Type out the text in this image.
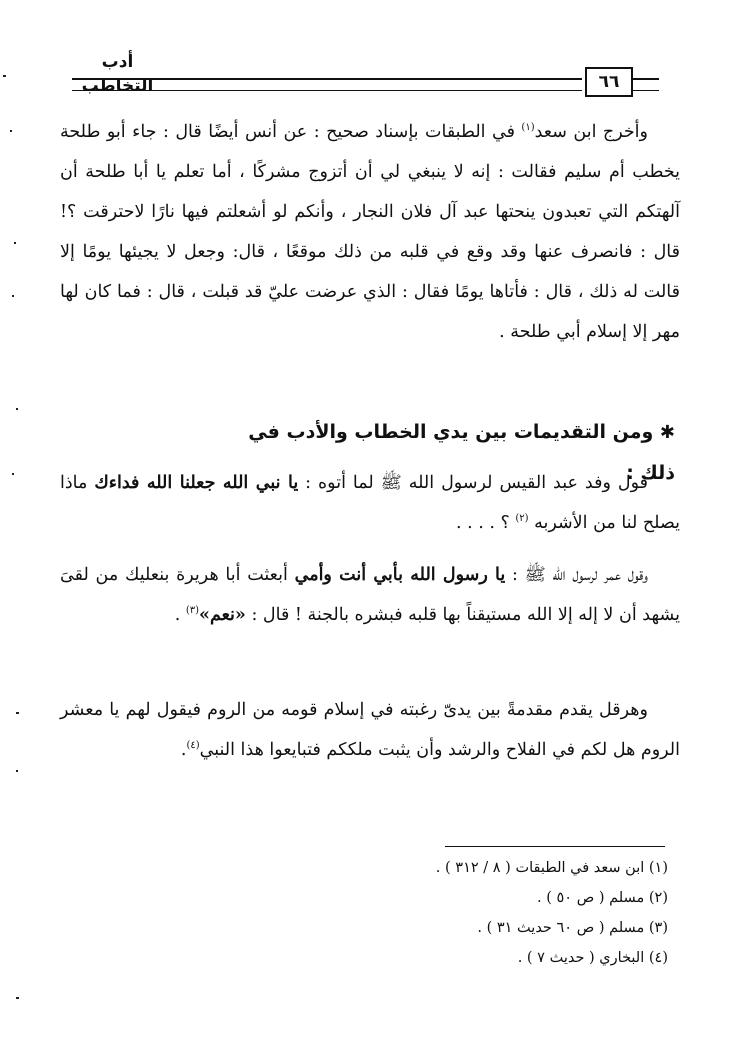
أدب التخاطب	٦٦

وأخرج ابن سعد$^{(١)}$ في الطبقات بإسناد صحيح : عن أنس أيضًا قال : جاء أبو طلحة يخطب أم سليم فقالت : إنه لا ينبغي لي أن أتزوج مشركًا ، أما تعلم يا أبا طلحة أن آلهتكم التي تعبدون ينحتها عبد آل فلان النجار ، وأنكم لو أشعلتم فيها نارًا لاحترقت ؟! قال : فانصرف عنها وقد وقع في قلبه من ذلك موقعًا ، قال: وجعل لا يجيئها يومًا إلا قالت له ذلك ، قال : فأتاها يومًا فقال : الذي عرضت عليّ قد قبلت ، قال : فما كان لها مهر إلا إسلام أبي طلحة .

✱ ومن التقديمات بين يدي الخطاب والأدب في ذلك :

قول وفد عبد القيس لرسول الله ﷺ لما أتوه : يا نبي الله جعلنا الله فداءك ماذا يصلح لنا من الأشربه $^{(٢)}$ ؟ . . . .

وقول عمر لرسول الله ﷺ : يا رسول الله بأبي أنت وأمي أبعثت أبا هريرة بنعليك من لقىَ يشهد أن لا إله إلا الله مستيقناً بها قلبه فبشره بالجنة ! قال : «نعم»$^{(٣)}$ .

وهرقل يقدم مقدمةً بين يدىّ رغبته في إسلام قومه من الروم فيقول لهم يا معشر الروم هل لكم في الفلاح والرشد وأن يثبت ملككم فتبايعوا هذا النبي$^{(٤)}$.

(١) ابن سعد في الطبقات ( ٨ / ٣١٢ ) .

(٢) مسلم ( ص ٥٠ ) .

(٣) مسلم ( ص ٦٠ حديث ٣١ ) .

(٤) البخاري ( حديث ٧ ) .
